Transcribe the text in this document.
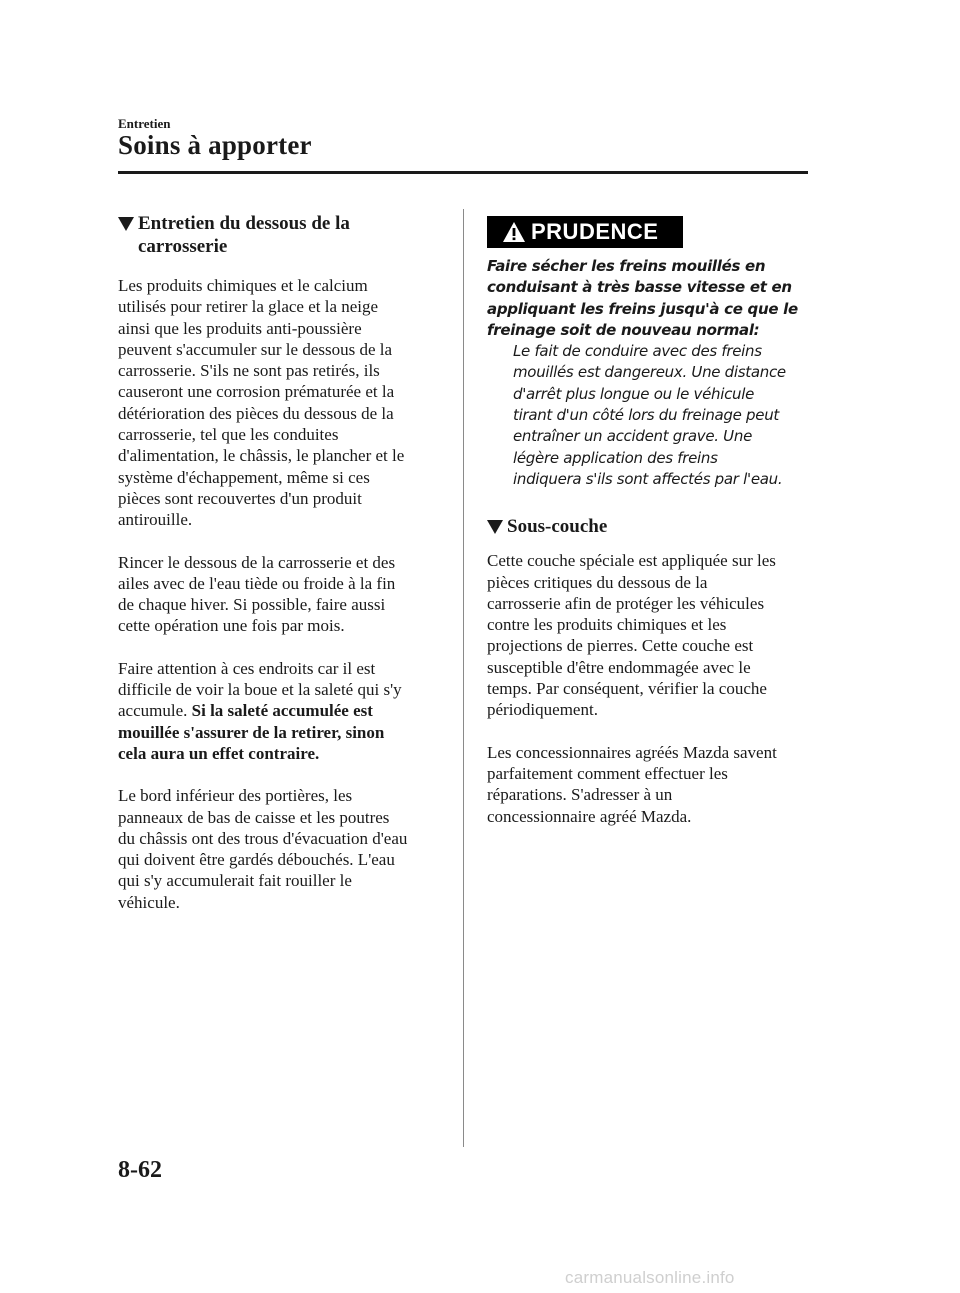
Entretien
Soins à apporter
Entretien du dessous de la
carrosserie

Les produits chimiques et le calcium
utilisés pour retirer la glace et la neige
ainsi que les produits anti-poussière
peuvent s'accumuler sur le dessous de la
carrosserie. S'ils ne sont pas retirés, ils
causeront une corrosion prématurée et la
détérioration des pièces du dessous de la
carrosserie, tel que les conduites
d'alimentation, le châssis, le plancher et le
système d'échappement, même si ces
pièces sont recouvertes d'un produit
antirouille.

Rincer le dessous de la carrosserie et des
ailes avec de l'eau tiède ou froide à la fin
de chaque hiver. Si possible, faire aussi
cette opération une fois par mois.

Faire attention à ces endroits car il est
difficile de voir la boue et la saleté qui s'y
accumule. Si la saleté accumulée est
mouillée s'assurer de la retirer, sinon
cela aura un effet contraire.

Le bord inférieur des portières, les
panneaux de bas de caisse et les poutres
du châssis ont des trous d'évacuation d'eau
qui doivent être gardés débouchés. L'eau
qui s'y accumulerait fait rouiller le
véhicule.

PRUDENCE
Faire sécher les freins mouillés en
conduisant à très basse vitesse et en
appliquant les freins jusqu'à ce que le
freinage soit de nouveau normal:
Le fait de conduire avec des freins
mouillés est dangereux. Une distance
d'arrêt plus longue ou le véhicule
tirant d'un côté lors du freinage peut
entraîner un accident grave. Une
légère application des freins
indiquera s'ils sont affectés par l'eau.
Sous-couche

Cette couche spéciale est appliquée sur les
pièces critiques du dessous de la
carrosserie afin de protéger les véhicules
contre les produits chimiques et les
projections de pierres. Cette couche est
susceptible d'être endommagée avec le
temps. Par conséquent, vérifier la couche
périodiquement.

Les concessionnaires agréés Mazda savent
parfaitement comment effectuer les
réparations. S'adresser à un
concessionnaire agréé Mazda.

8-62
carmanualsonline.info
